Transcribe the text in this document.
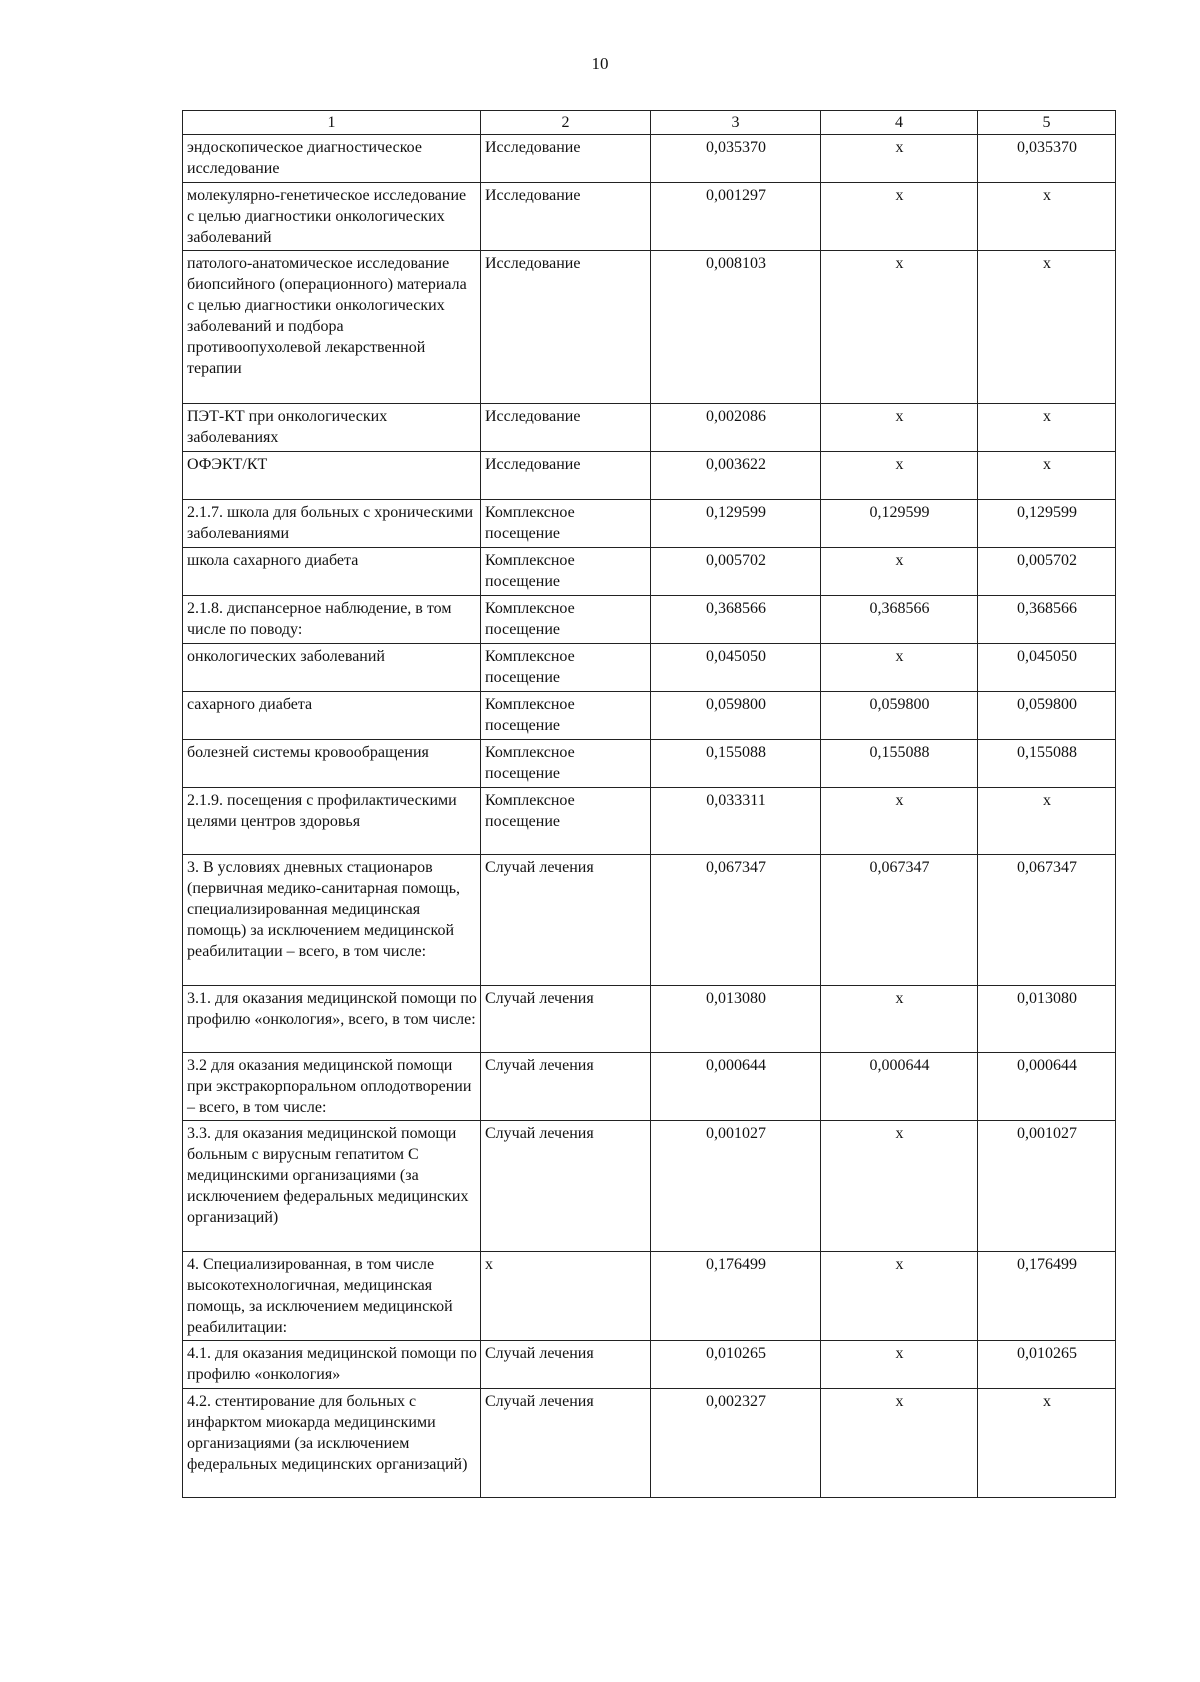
10
1	2	3	4	5
эндоскопическое диагностическое исследование	Исследование	0,035370	х	0,035370
молекулярно-генетическое исследование с целью диагностики онкологических заболеваний	Исследование	0,001297	х	х
патолого-анатомическое исследование биопсийного (операционного) материала с целью диагностики онкологических заболеваний и подбора противоопухолевой лекарственной терапии	Исследование	0,008103	х	х
ПЭТ-КТ при онкологических заболеваниях	Исследование	0,002086	х	х
ОФЭКТ/КТ	Исследование	0,003622	х	х
2.1.7. школа для больных с хроническими заболеваниями	Комплексное посещение	0,129599	0,129599	0,129599
школа сахарного диабета	Комплексное посещение	0,005702	х	0,005702
2.1.8. диспансерное наблюдение, в том числе по поводу:	Комплексное посещение	0,368566	0,368566	0,368566
онкологических заболеваний	Комплексное посещение	0,045050	х	0,045050
сахарного диабета	Комплексное посещение	0,059800	0,059800	0,059800
болезней системы кровообращения	Комплексное посещение	0,155088	0,155088	0,155088
2.1.9. посещения с профилактическими целями центров здоровья	Комплексное посещение	0,033311	х	х
3. В условиях дневных стационаров (первичная медико-санитарная помощь, специализированная медицинская помощь) за исключением медицинской реабилитации – всего, в том числе:	Случай лечения	0,067347	0,067347	0,067347
3.1. для оказания медицинской помощи по профилю «онкология», всего, в том числе:	Случай лечения	0,013080	х	0,013080
3.2 для оказания медицинской помощи при экстракорпоральном оплодотворении – всего, в том числе:	Случай лечения	0,000644	0,000644	0,000644
3.3. для оказания медицинской помощи больным с вирусным гепатитом С медицинскими организациями (за исключением федеральных медицинских организаций)	Случай лечения	0,001027	х	0,001027
4. Специализированная, в том числе высокотехнологичная, медицинская помощь, за исключением медицинской реабилитации:	х	0,176499	х	0,176499
4.1. для оказания медицинской помощи по профилю «онкология»	Случай лечения	0,010265	х	0,010265
4.2. стентирование для больных с инфарктом миокарда медицинскими организациями (за исключением федеральных медицинских организаций)	Случай лечения	0,002327	х	х
